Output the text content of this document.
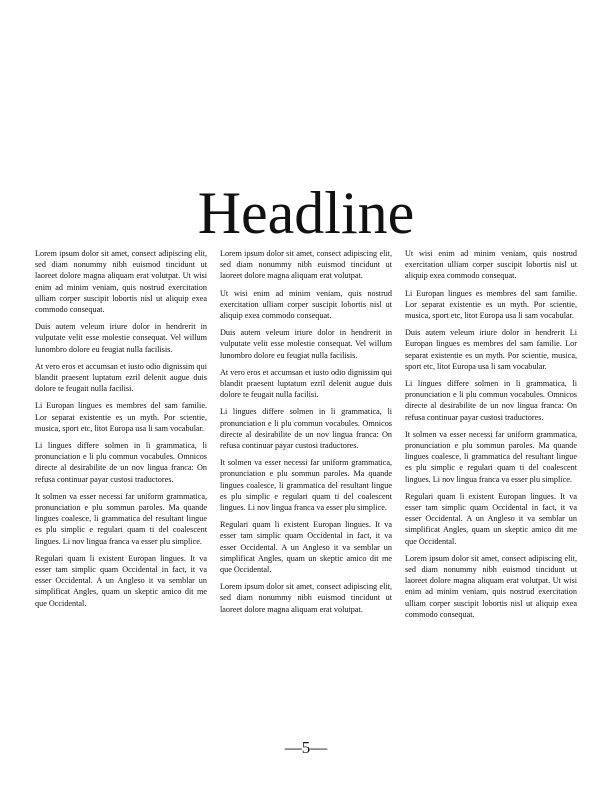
Headline

Lorem ipsum dolor sit amet, consect adipiscing elit, sed diam nonummy nibh euismod tincidunt ut laoreet dolore magna aliquam erat volutpat. Ut wisi enim ad minim veniam, quis nostrud exercitation ulliam corper suscipit lobortis nisl ut aliquip exea commodo consequat.

Duis autem veleum iriure dolor in hendrerit in vulputate velit esse molestie consequat. Vel willum lunombro dolore eu feugiat nulla facilisis.

At vero eros et accumsan et iusto odio dignissim qui blandit praesent luptatum ezril delenit augue duis dolore te feugait nulla facilisi.

Li Europan lingues es membres del sam familie. Lor separat existentie es un myth. Por scientie, musica, sport etc, litot Europa usa li sam vocabular.

Li lingues differe solmen in li grammatica, li pronunciation e li plu commun vocabules. Omnicos directe al desirabilite de un nov lingua franca: On refusa continuar payar custosi traductores.

It solmen va esser necessi far uniform grammatica, pronunciation e plu sommun paroles. Ma quande lingues coalesce, li grammatica del resultant lingue es plu simplic e regulari quam ti del coalescent lingues. Li nov lingua franca va esser plu simplice.

Regulari quam li existent Europan lingues. It va esser tam simplic quam Occidental in fact, it va esser Occidental. A un Angleso it va semblar un simplificat Angles, quam un skeptic amico dit me que Occidental.

Lorem ipsum dolor sit amet, consect adipiscing elit, sed diam nonummy nibh euismod tincidunt ut laoreet dolore magna aliquam erat volutpat.

Ut wisi enim ad minim veniam, quis nostrud exercitation ulliam corper suscipit lobortis nisl ut aliquip exea commodo consequat.

Duis autem veleum iriure dolor in hendrerit in vulputate velit esse molestie consequat. Vel willum lunombro dolore eu feugiat nulla facilisis.

At vero eros et accumsan et iusto odio dignissim qui blandit praesent luptatum ezril delenit augue duis dolore te feugait nulla facilisi.

Li lingues differe solmen in li grammatica, li pronunciation e li plu commun vocabules. Omnicos directe al desirabilite de un nov lingua franca: On refusa continuar payar custosi traductores.

It solmen va esser necessi far uniform grammatica, pronunciation e plu sommun paroles. Ma quande lingues coalesce, li grammatica del resultant lingue es plu simplic e regulari quam ti del coalescent lingues. Li nov lingua franca va esser plu simplice.

Regulari quam li existent Europan lingues. It va esser tam simplic quam Occidental in fact, it va esser Occidental. A un Angleso it va semblar un simplificat Angles, quam un skeptic amico dit me que Occidental.

Lorem ipsum dolor sit amet, consect adipiscing elit, sed diam nonummy nibh euismod tincidunt ut laoreet dolore magna aliquam erat volutpat.

Ut wisi enim ad minim veniam, quis nostrud exercitation ulliam corper suscipit lobortis nisl ut aliquip exea commodo consequat.

Li Europan lingues es membres del sam familie. Lor separat existentie es un myth. Por scientie, musica, sport etc, litot Europa usa li sam vocabular.

Duis autem veleum iriure dolor in hendrerit Li Europan lingues es membres del sam familie. Lor separat existentie es un myth. Por scientie, musica, sport etc, litot Europa usa li sam vocabular.

Li lingues differe solmen in li grammatica, li pronunciation e li plu commun vocabules. Omnicos directe al desirabilite de un nov lingua franca: On refusa continuar payar custosi traductores.

It solmen va esser necessi far uniform grammatica, pronunciation e plu sommun paroles. Ma quande lingues coalesce, li grammatica del resultant lingue es plu simplic e regulari quam ti del coalescent lingues. Li nov lingua franca va esser plu simplice.

Regulari quam li existent Europan lingues. It va esser tam simplic quam Occidental in fact, it va esser Occidental. A un Angleso it va semblar un simplificat Angles, quam un skeptic amico dit me que Occidental.

Lorem ipsum dolor sit amet, consect adipiscing elit, sed diam nonummy nibh euismod tincidunt ut laoreet dolore magna aliquam erat volutpat. Ut wisi enim ad minim veniam, quis nostrud exercitation ulliam corper suscipit lobortis nisl ut aliquip exea commodo consequat.

—5—
